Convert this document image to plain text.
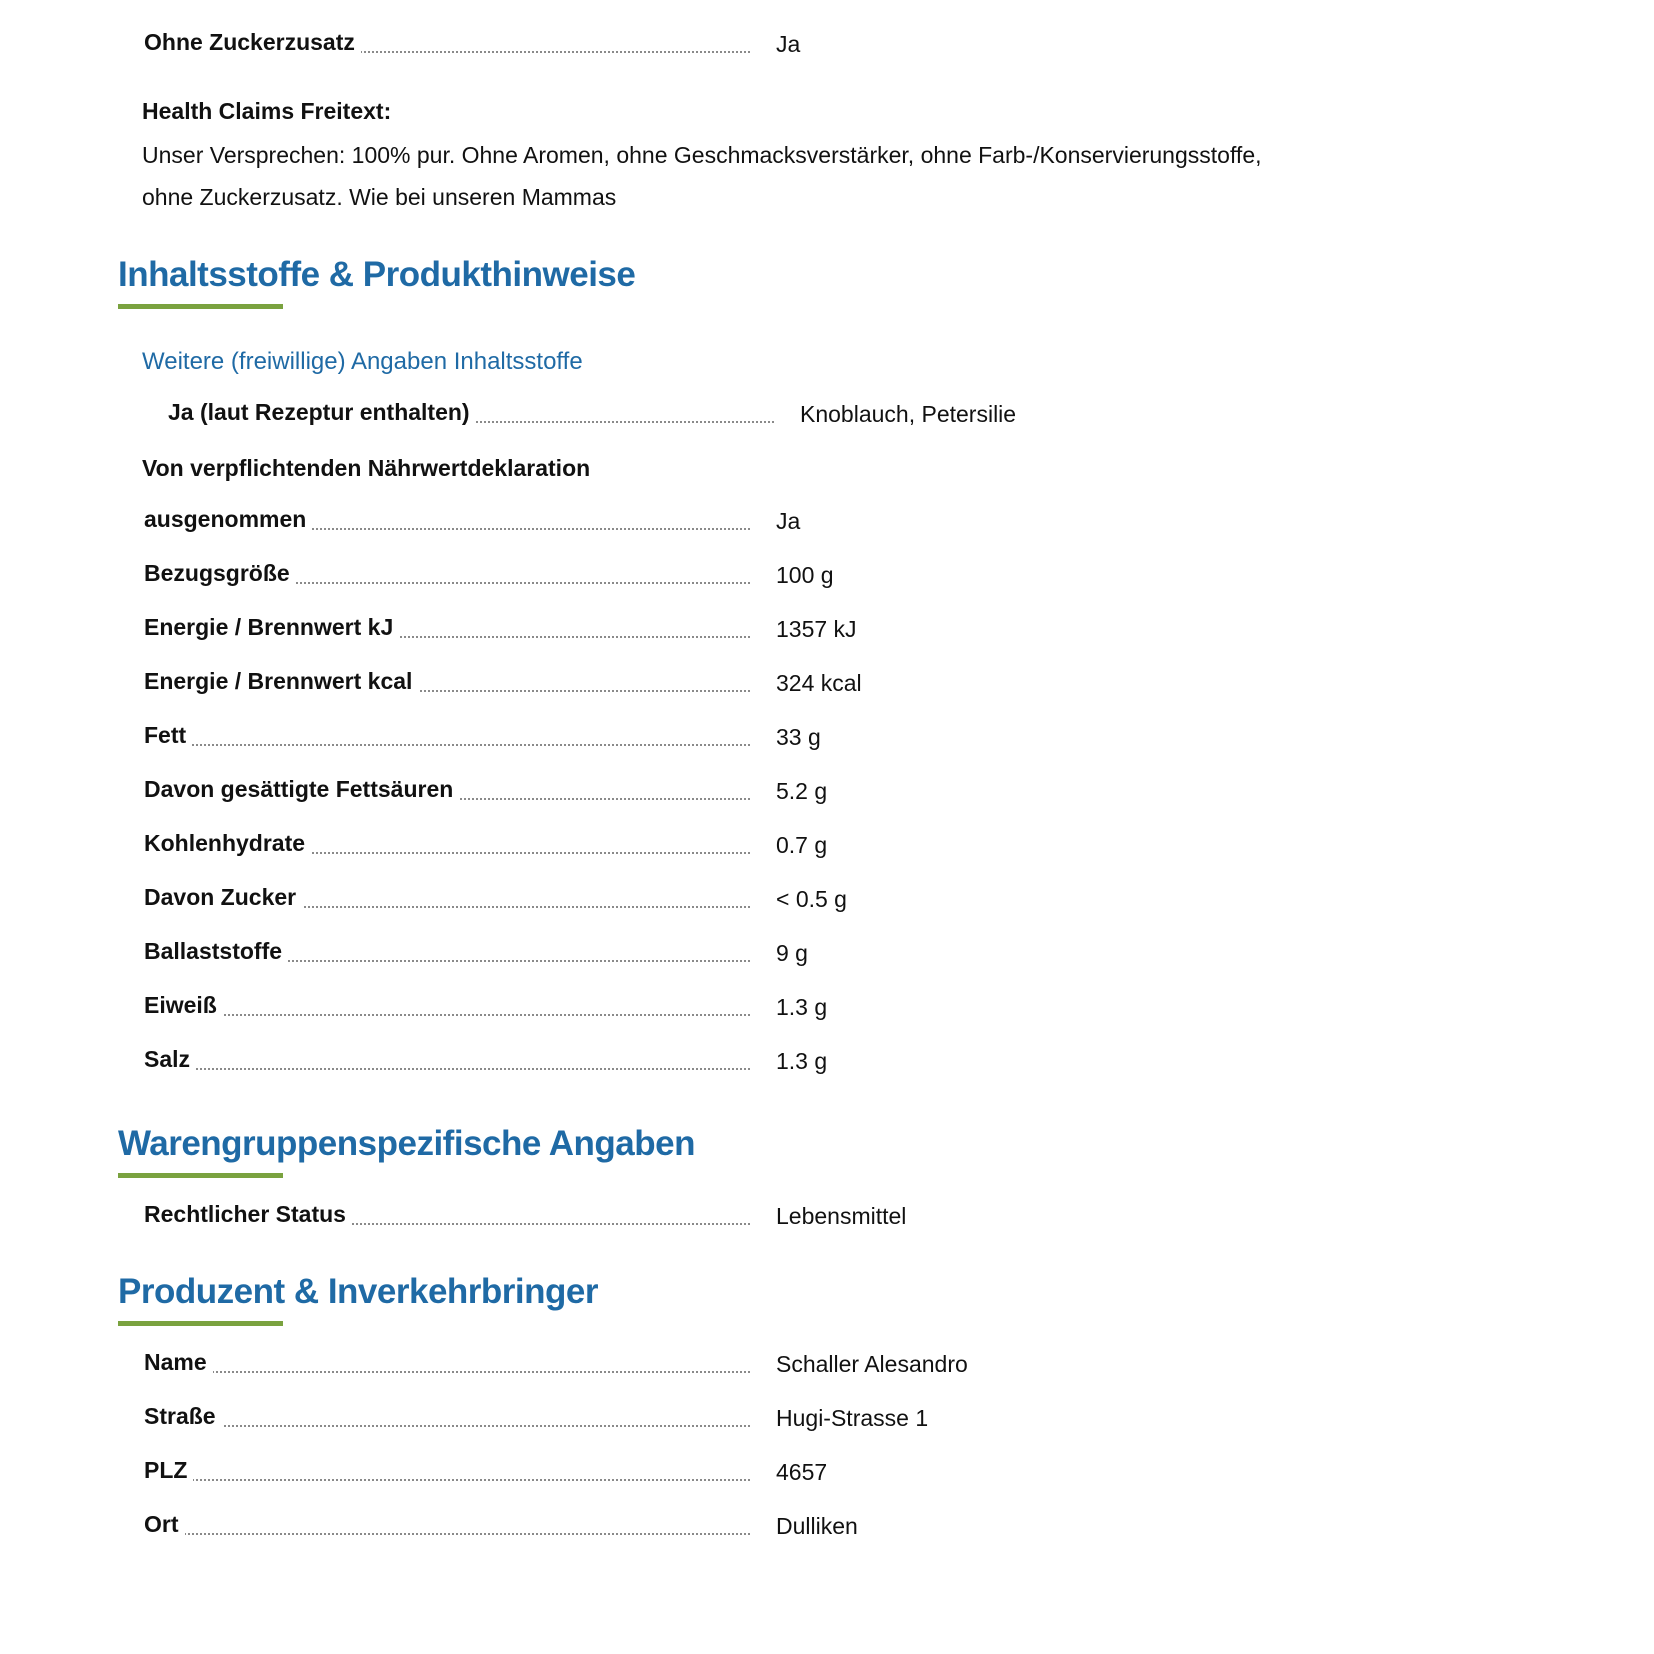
Ohne Zuckerzusatz	Ja
Health Claims Freitext:
Unser Versprechen: 100% pur. Ohne Aromen, ohne Geschmacksverstärker, ohne Farb-/Konservierungsstoffe,
ohne Zuckerzusatz. Wie bei unseren Mammas
Inhaltsstoffe & Produkthinweise
Weitere (freiwillige) Angaben Inhaltsstoffe
Ja (laut Rezeptur enthalten)	Knoblauch, Petersilie
Von verpflichtenden Nährwertdeklaration
ausgenommen	Ja
Bezugsgröße	100 g
Energie / Brennwert kJ	1357 kJ
Energie / Brennwert kcal	324 kcal
Fett	33 g
Davon gesättigte Fettsäuren	5.2 g
Kohlenhydrate	0.7 g
Davon Zucker	< 0.5 g
Ballaststoffe	9 g
Eiweiß	1.3 g
Salz	1.3 g
Warengruppenspezifische Angaben
Rechtlicher Status	Lebensmittel
Produzent & Inverkehrbringer
Name	Schaller Alesandro
Straße	Hugi-Strasse 1
PLZ	4657
Ort	Dulliken
